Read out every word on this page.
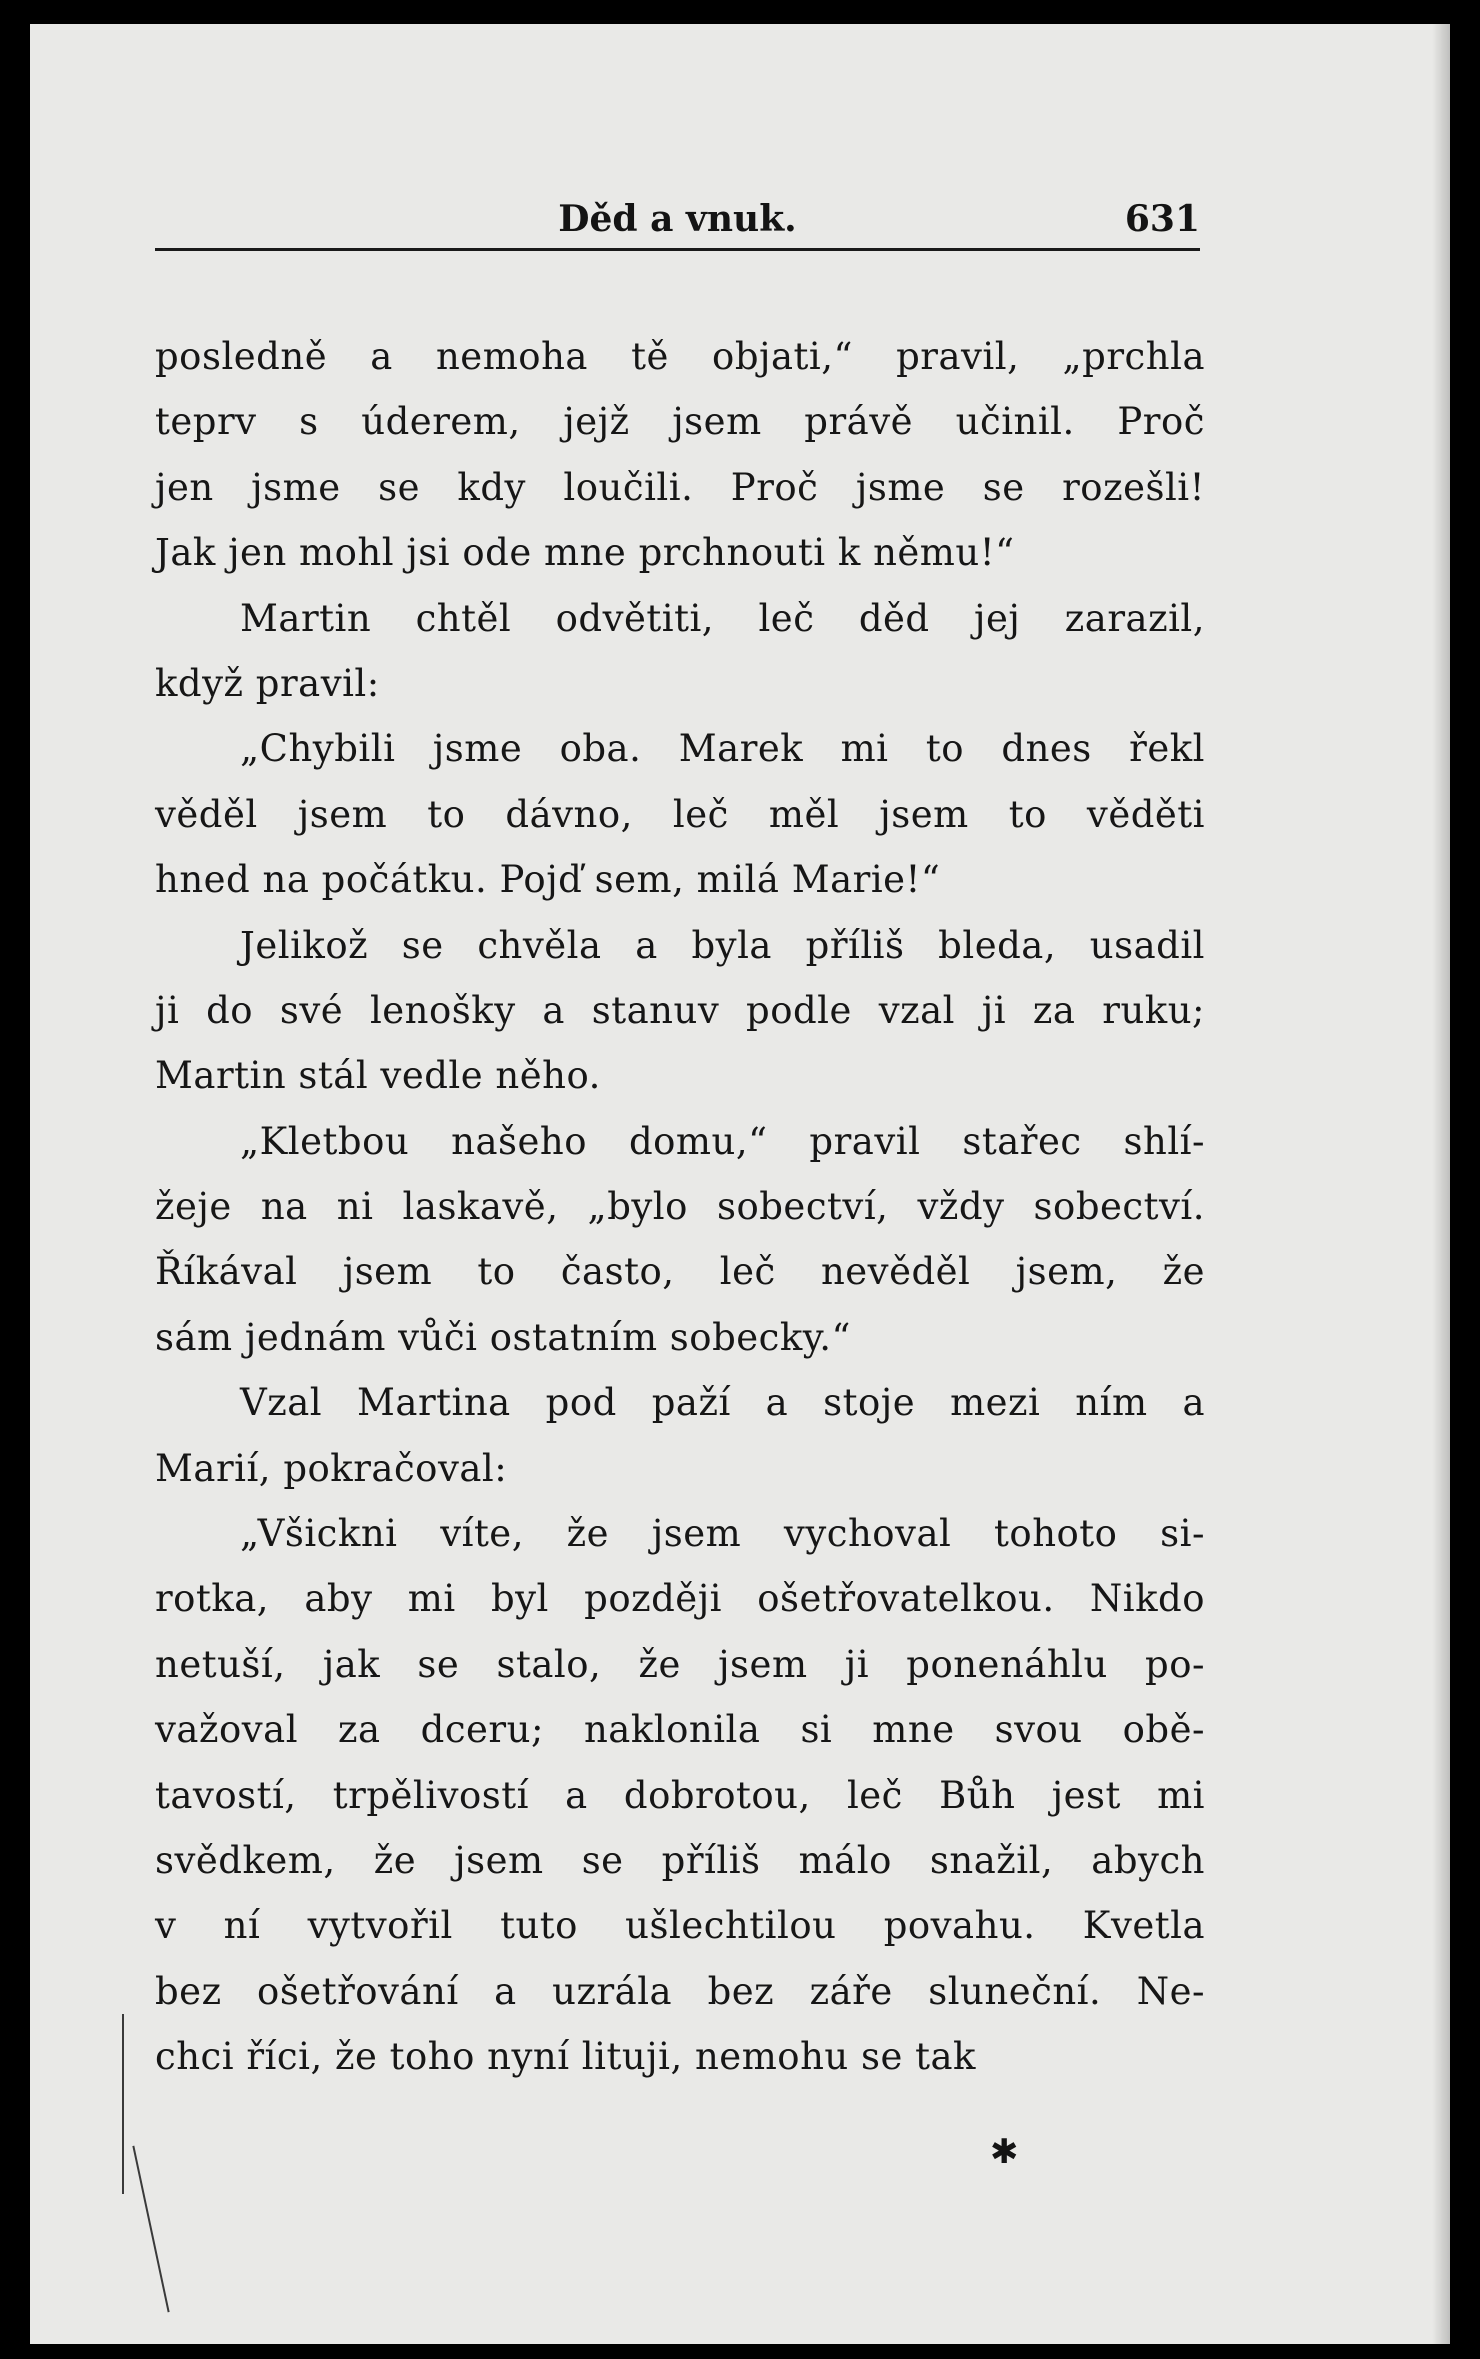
Děd a vnuk.	631
posledně a nemoha tě objati,“ pravil, „prchla
teprv s úderem, jejž jsem právě učinil. Proč
jen jsme se kdy loučili. Proč jsme se rozešli!
Jak jen mohl jsi ode mne prchnouti k němu!“
Martin chtěl odvětiti, leč děd jej zarazil,
když pravil:
„Chybili jsme oba. Marek mi to dnes řekl
věděl jsem to dávno, leč měl jsem to věděti
hned na počátku. Pojď sem, milá Marie!“
Jelikož se chvěla a byla příliš bleda, usadil
ji do své lenošky a stanuv podle vzal ji za ruku;
Martin stál vedle něho.
„Kletbou našeho domu,“ pravil stařec shlí-
žeje na ni laskavě, „bylo sobectví, vždy sobectví.
Říkával jsem to často, leč nevěděl jsem, že
sám jednám vůči ostatním sobecky.“
Vzal Martina pod paží a stoje mezi ním a
Marií, pokračoval:
„Všickni víte, že jsem vychoval tohoto si-
rotka, aby mi byl později ošetřovatelkou. Nikdo
netuší, jak se stalo, že jsem ji ponenáhlu po-
važoval za dceru; naklonila si mne svou obě-
tavostí, trpělivostí a dobrotou, leč Bůh jest mi
svědkem, že jsem se příliš málo snažil, abych
v ní vytvořil tuto ušlechtilou povahu. Kvetla
bez ošetřování a uzrála bez záře sluneční. Ne-
chci říci, že toho nyní lituji, nemohu se tak
✱
